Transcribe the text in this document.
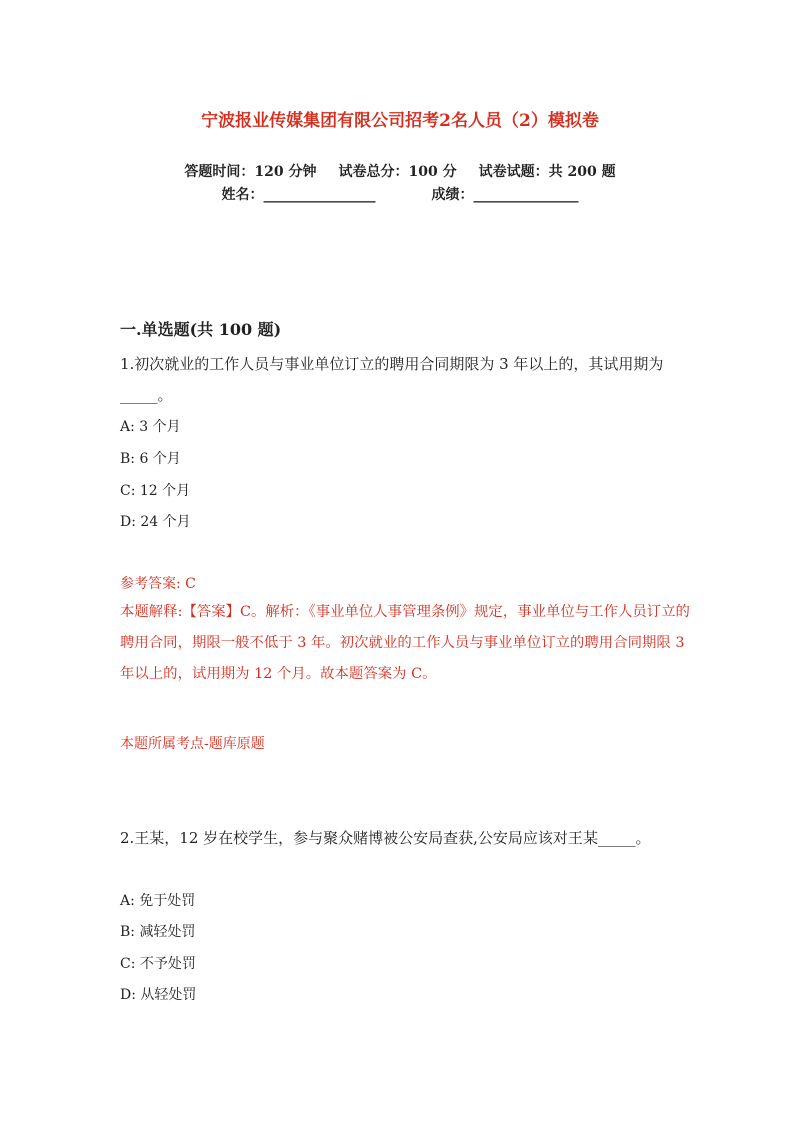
宁波报业传媒集团有限公司招考2名人员（2）模拟卷
答题时间：120 分钟 试卷总分：100 分 试卷试题：共 200 题
姓名：________________	成绩：_______________
一.单选题(共 100 题)
1.初次就业的工作人员与事业单位订立的聘用合同期限为 3 年以上的，其试用期为_____。
A: 3 个月
B: 6 个月
C: 12 个月
D: 24 个月
参考答案: C
本题解释:【答案】C。解析：《事业单位人事管理条例》规定，事业单位与工作人员订立的聘用合同，期限一般不低于 3 年。初次就业的工作人员与事业单位订立的聘用合同期限 3 年以上的，试用期为 12 个月。故本题答案为 C。
本题所属考点-题库原题
2.王某，12 岁在校学生，参与聚众赌博被公安局查获,公安局应该对王某_____。
A: 免于处罚
B: 减轻处罚
C: 不予处罚
D: 从轻处罚
